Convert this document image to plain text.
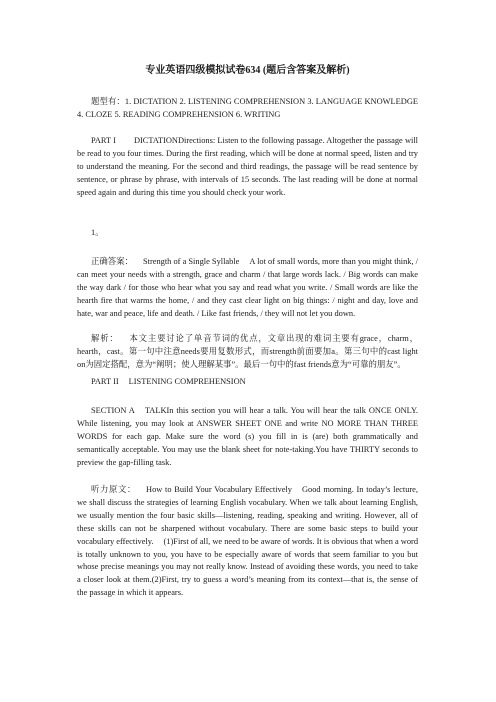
专业英语四级模拟试卷634 (题后含答案及解析)

题型有：1. DICTATION 2. LISTENING COMPREHENSION 3. LANGUAGE KNOWLEDGE 4. CLOZE 5. READING COMPREHENSION 6. WRITING

PART I DICTATIONDirections: Listen to the following passage. Altogether the passage will be read to you four times. During the first reading, which will be done at normal speed, listen and try to understand the meaning. For the second and third readings, the passage will be read sentence by sentence, or phrase by phrase, with intervals of 15 seconds. The last reading will be done at normal speed again and during this time you should check your work.

1。

正确答案： Strength of a Single Syllable A lot of small words, more than you might think, / can meet your needs with a strength, grace and charm / that large words lack. / Big words can make the way dark / for those who hear what you say and read what you write. / Small words are like the hearth fire that warms the home, / and they cast clear light on big things: / night and day, love and hate, war and peace, life and death. / Like fast friends, / they will not let you down.

解析： 本文主要讨论了单音节词的优点，文章出现的难词主要有grace，charm，hearth，cast。第一句中注意needs要用复数形式，而strength前面要加a。第三句中的cast light on为固定搭配，意为“阐明；使人理解某事”。最后一句中的fast friends意为“可靠的朋友”。

PART II LISTENING COMPREHENSION

SECTION A TALKIn this section you will hear a talk. You will hear the talk ONCE ONLY. While listening, you may look at ANSWER SHEET ONE and write NO MORE THAN THREE WORDS for each gap. Make sure the word (s) you fill in is (are) both grammatically and semantically acceptable. You may use the blank sheet for note-taking.You have THIRTY seconds to preview the gap-filling task.

听力原文： How to Build Your Vocabulary Effectively Good morning. In today’s lecture, we shall discuss the strategies of learning English vocabulary. When we talk about learning English, we usually mention the four basic skills—listening, reading, speaking and writing. However, all of these skills can not be sharpened without vocabulary. There are some basic steps to build your vocabulary effectively. (1)First of all, we need to be aware of words. It is obvious that when a word is totally unknown to you, you have to be especially aware of words that seem familiar to you but whose precise meanings you may not really know. Instead of avoiding these words, you need to take a closer look at them.(2)First, try to guess a word’s meaning from its context—that is, the sense of the passage in which it appears.
